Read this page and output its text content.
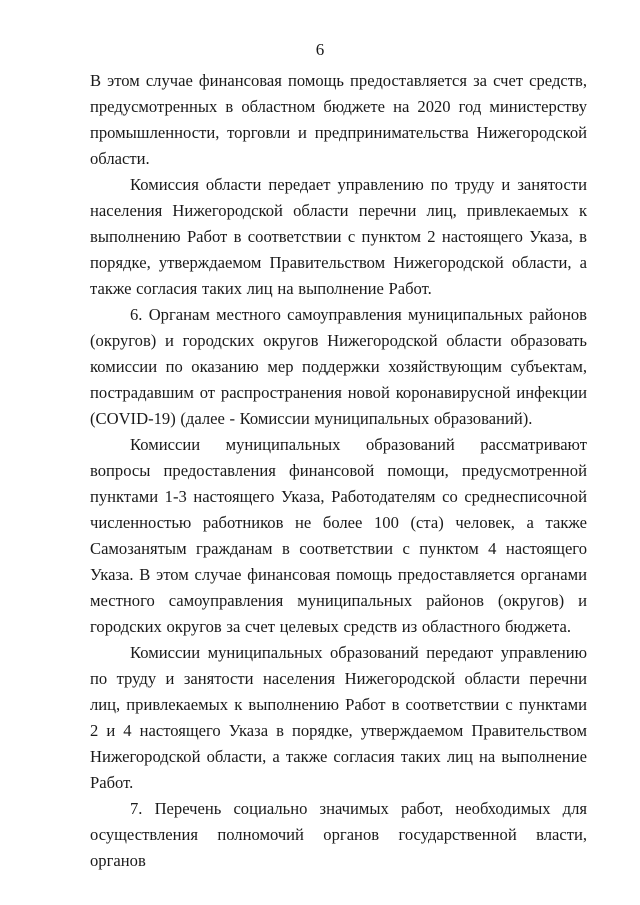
6

В этом случае финансовая помощь предоставляется за счет средств, предусмотренных в областном бюджете на 2020 год министерству промышленности, торговли и предпринимательства Нижегородской области.

Комиссия области передает управлению по труду и занятости населения Нижегородской области перечни лиц, привлекаемых к выполнению Работ в соответствии с пунктом 2 настоящего Указа, в порядке, утверждаемом Правительством Нижегородской области, а также согласия таких лиц на выполнение Работ.

6. Органам местного самоуправления муниципальных районов (округов) и городских округов Нижегородской области образовать комиссии по оказанию мер поддержки хозяйствующим субъектам, пострадавшим от распространения новой коронавирусной инфекции (COVID-19) (далее - Комиссии муниципальных образований).

Комиссии муниципальных образований рассматривают вопросы предоставления финансовой помощи, предусмотренной пунктами 1-3 настоящего Указа, Работодателям со среднесписочной численностью работников не более 100 (ста) человек, а также Самозанятым гражданам в соответствии с пунктом 4 настоящего Указа. В этом случае финансовая помощь предоставляется органами местного самоуправления муниципальных районов (округов) и городских округов за счет целевых средств из областного бюджета.

Комиссии муниципальных образований передают управлению по труду и занятости населения Нижегородской области перечни лиц, привлекаемых к выполнению Работ в соответствии с пунктами 2 и 4 настоящего Указа в порядке, утверждаемом Правительством Нижегородской области, а также согласия таких лиц на выполнение Работ.

7. Перечень социально значимых работ, необходимых для осуществления полномочий органов государственной власти, органов
